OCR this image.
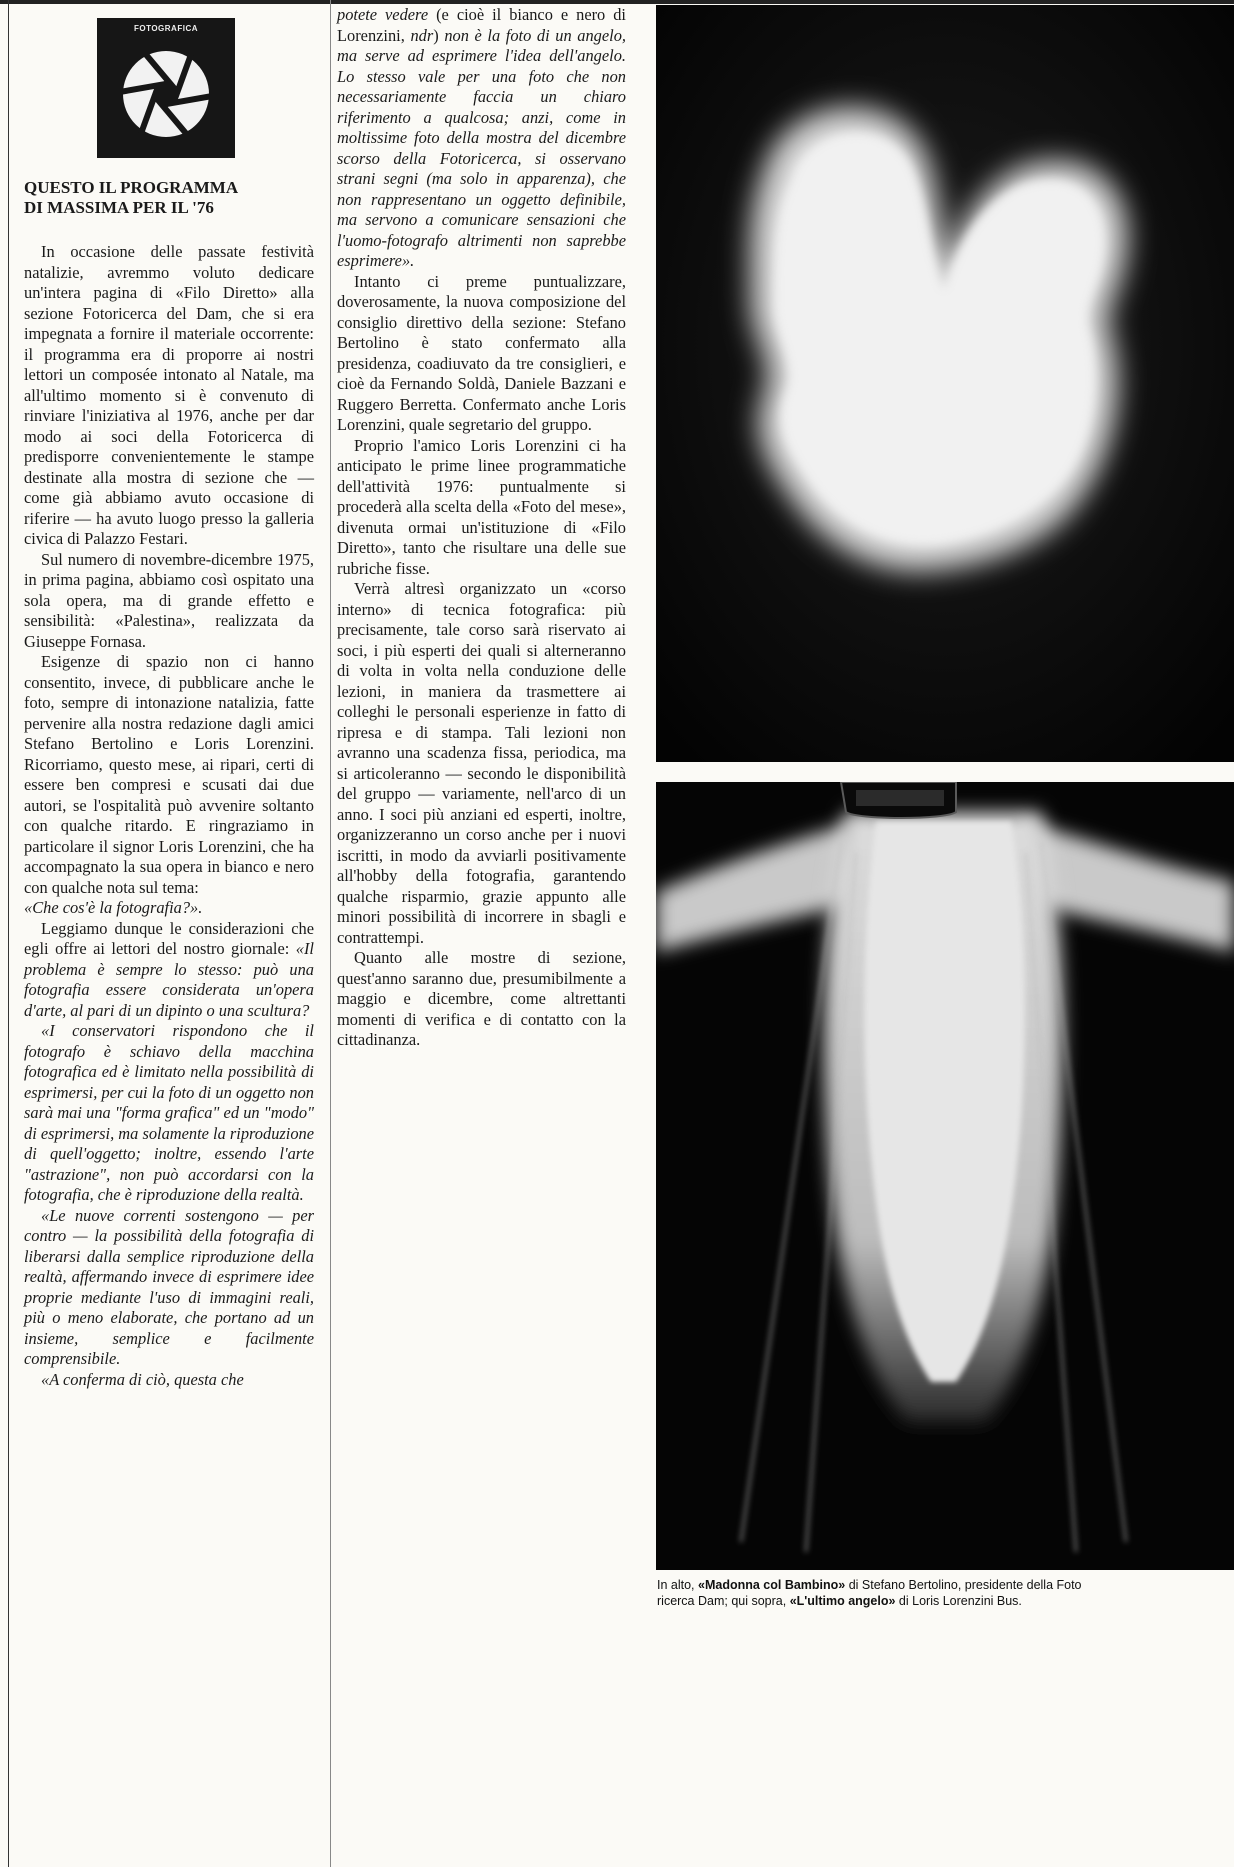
FOTOGRAFICA
QUESTO IL PROGRAMMA
DI MASSIMA PER IL '76

In occasione delle passate festività natalizie, avremmo voluto dedicare un'intera pagina di «Filo Diretto» alla sezione Fotoricerca del Dam, che si era impegnata a fornire il materiale occorrente: il programma era di proporre ai nostri lettori un composée intonato al Natale, ma all'ultimo momento si è convenuto di rinviare l'iniziativa al 1976, anche per dar modo ai soci della Fotoricerca di predisporre convenientemente le stampe destinate alla mostra di sezione che — come già abbiamo avuto occasione di riferire — ha avuto luogo presso la galleria civica di Palazzo Festari.

Sul numero di novembre-dicembre 1975, in prima pagina, abbiamo così ospitato una sola opera, ma di grande effetto e sensibilità: «Palestina», realizzata da Giuseppe Fornasa.

Esigenze di spazio non ci hanno consentito, invece, di pubblicare anche le foto, sempre di intonazione natalizia, fatte pervenire alla nostra redazione dagli amici Stefano Bertolino e Loris Lorenzini. Ricorriamo, questo mese, ai ripari, certi di essere ben compresi e scusati dai due autori, se l'ospitalità può avvenire soltanto con qualche ritardo. E ringraziamo in particolare il signor Loris Lorenzini, che ha accompagnato la sua opera in bianco e nero con qualche nota sul tema:

«Che cos'è la fotografia?».

Leggiamo dunque le considerazioni che egli offre ai lettori del nostro giornale: «Il problema è sempre lo stesso: può una fotografia essere considerata un'opera d'arte, al pari di un dipinto o una scultura?

«I conservatori rispondono che il fotografo è schiavo della macchina fotografica ed è limitato nella possibilità di esprimersi, per cui la foto di un oggetto non sarà mai una "forma grafica" ed un "modo" di esprimersi, ma solamente la riproduzione di quell'oggetto; inoltre, essendo l'arte "astrazione", non può accordarsi con la fotografia, che è riproduzione della realtà.

«Le nuove correnti sostengono — per contro — la possibilità della fotografia di liberarsi dalla semplice riproduzione della realtà, affermando invece di esprimere idee proprie mediante l'uso di immagini reali, più o meno elaborate, che portano ad un insieme, semplice e facilmente comprensibile.

«A conferma di ciò, questa che

potete vedere (e cioè il bianco e nero di Lorenzini, ndr) non è la foto di un angelo, ma serve ad esprimere l'idea dell'angelo. Lo stesso vale per una foto che non necessariamente faccia un chiaro riferimento a qualcosa; anzi, come in moltissime foto della mostra del dicembre scorso della Fotoricerca, si osservano strani segni (ma solo in apparenza), che non rappresentano un oggetto definibile, ma servono a comunicare sensazioni che l'uomo-fotografo altrimenti non saprebbe esprimere».

Intanto ci preme puntualizzare, doverosamente, la nuova composizione del consiglio direttivo della sezione: Stefano Bertolino è stato confermato alla presidenza, coadiuvato da tre consiglieri, e cioè da Fernando Soldà, Daniele Bazzani e Ruggero Berretta. Confermato anche Loris Lorenzini, quale segretario del gruppo.

Proprio l'amico Loris Lorenzini ci ha anticipato le prime linee programmatiche dell'attività 1976: puntualmente si procederà alla scelta della «Foto del mese», divenuta ormai un'istituzione di «Filo Diretto», tanto che risultare una delle sue rubriche fisse.

Verrà altresì organizzato un «corso interno» di tecnica fotografica: più precisamente, tale corso sarà riservato ai soci, i più esperti dei quali si alterneranno di volta in volta nella conduzione delle lezioni, in maniera da trasmettere ai colleghi le personali esperienze in fatto di ripresa e di stampa. Tali lezioni non avranno una scadenza fissa, periodica, ma si articoleranno — secondo le disponibilità del gruppo — variamente, nell'arco di un anno. I soci più anziani ed esperti, inoltre, organizzeranno un corso anche per i nuovi iscritti, in modo da avviarli positivamente all'hobby della fotografia, garantendo qualche risparmio, grazie appunto alle minori possibilità di incorrere in sbagli e contrattempi.

Quanto alle mostre di sezione, quest'anno saranno due, presumibilmente a maggio e dicembre, come altrettanti momenti di verifica e di contatto con la cittadinanza.

In alto, «Madonna col Bambino» di Stefano Bertolino, presidente della Foto
ricerca Dam; qui sopra, «L'ultimo angelo» di Loris Lorenzini Bus.
